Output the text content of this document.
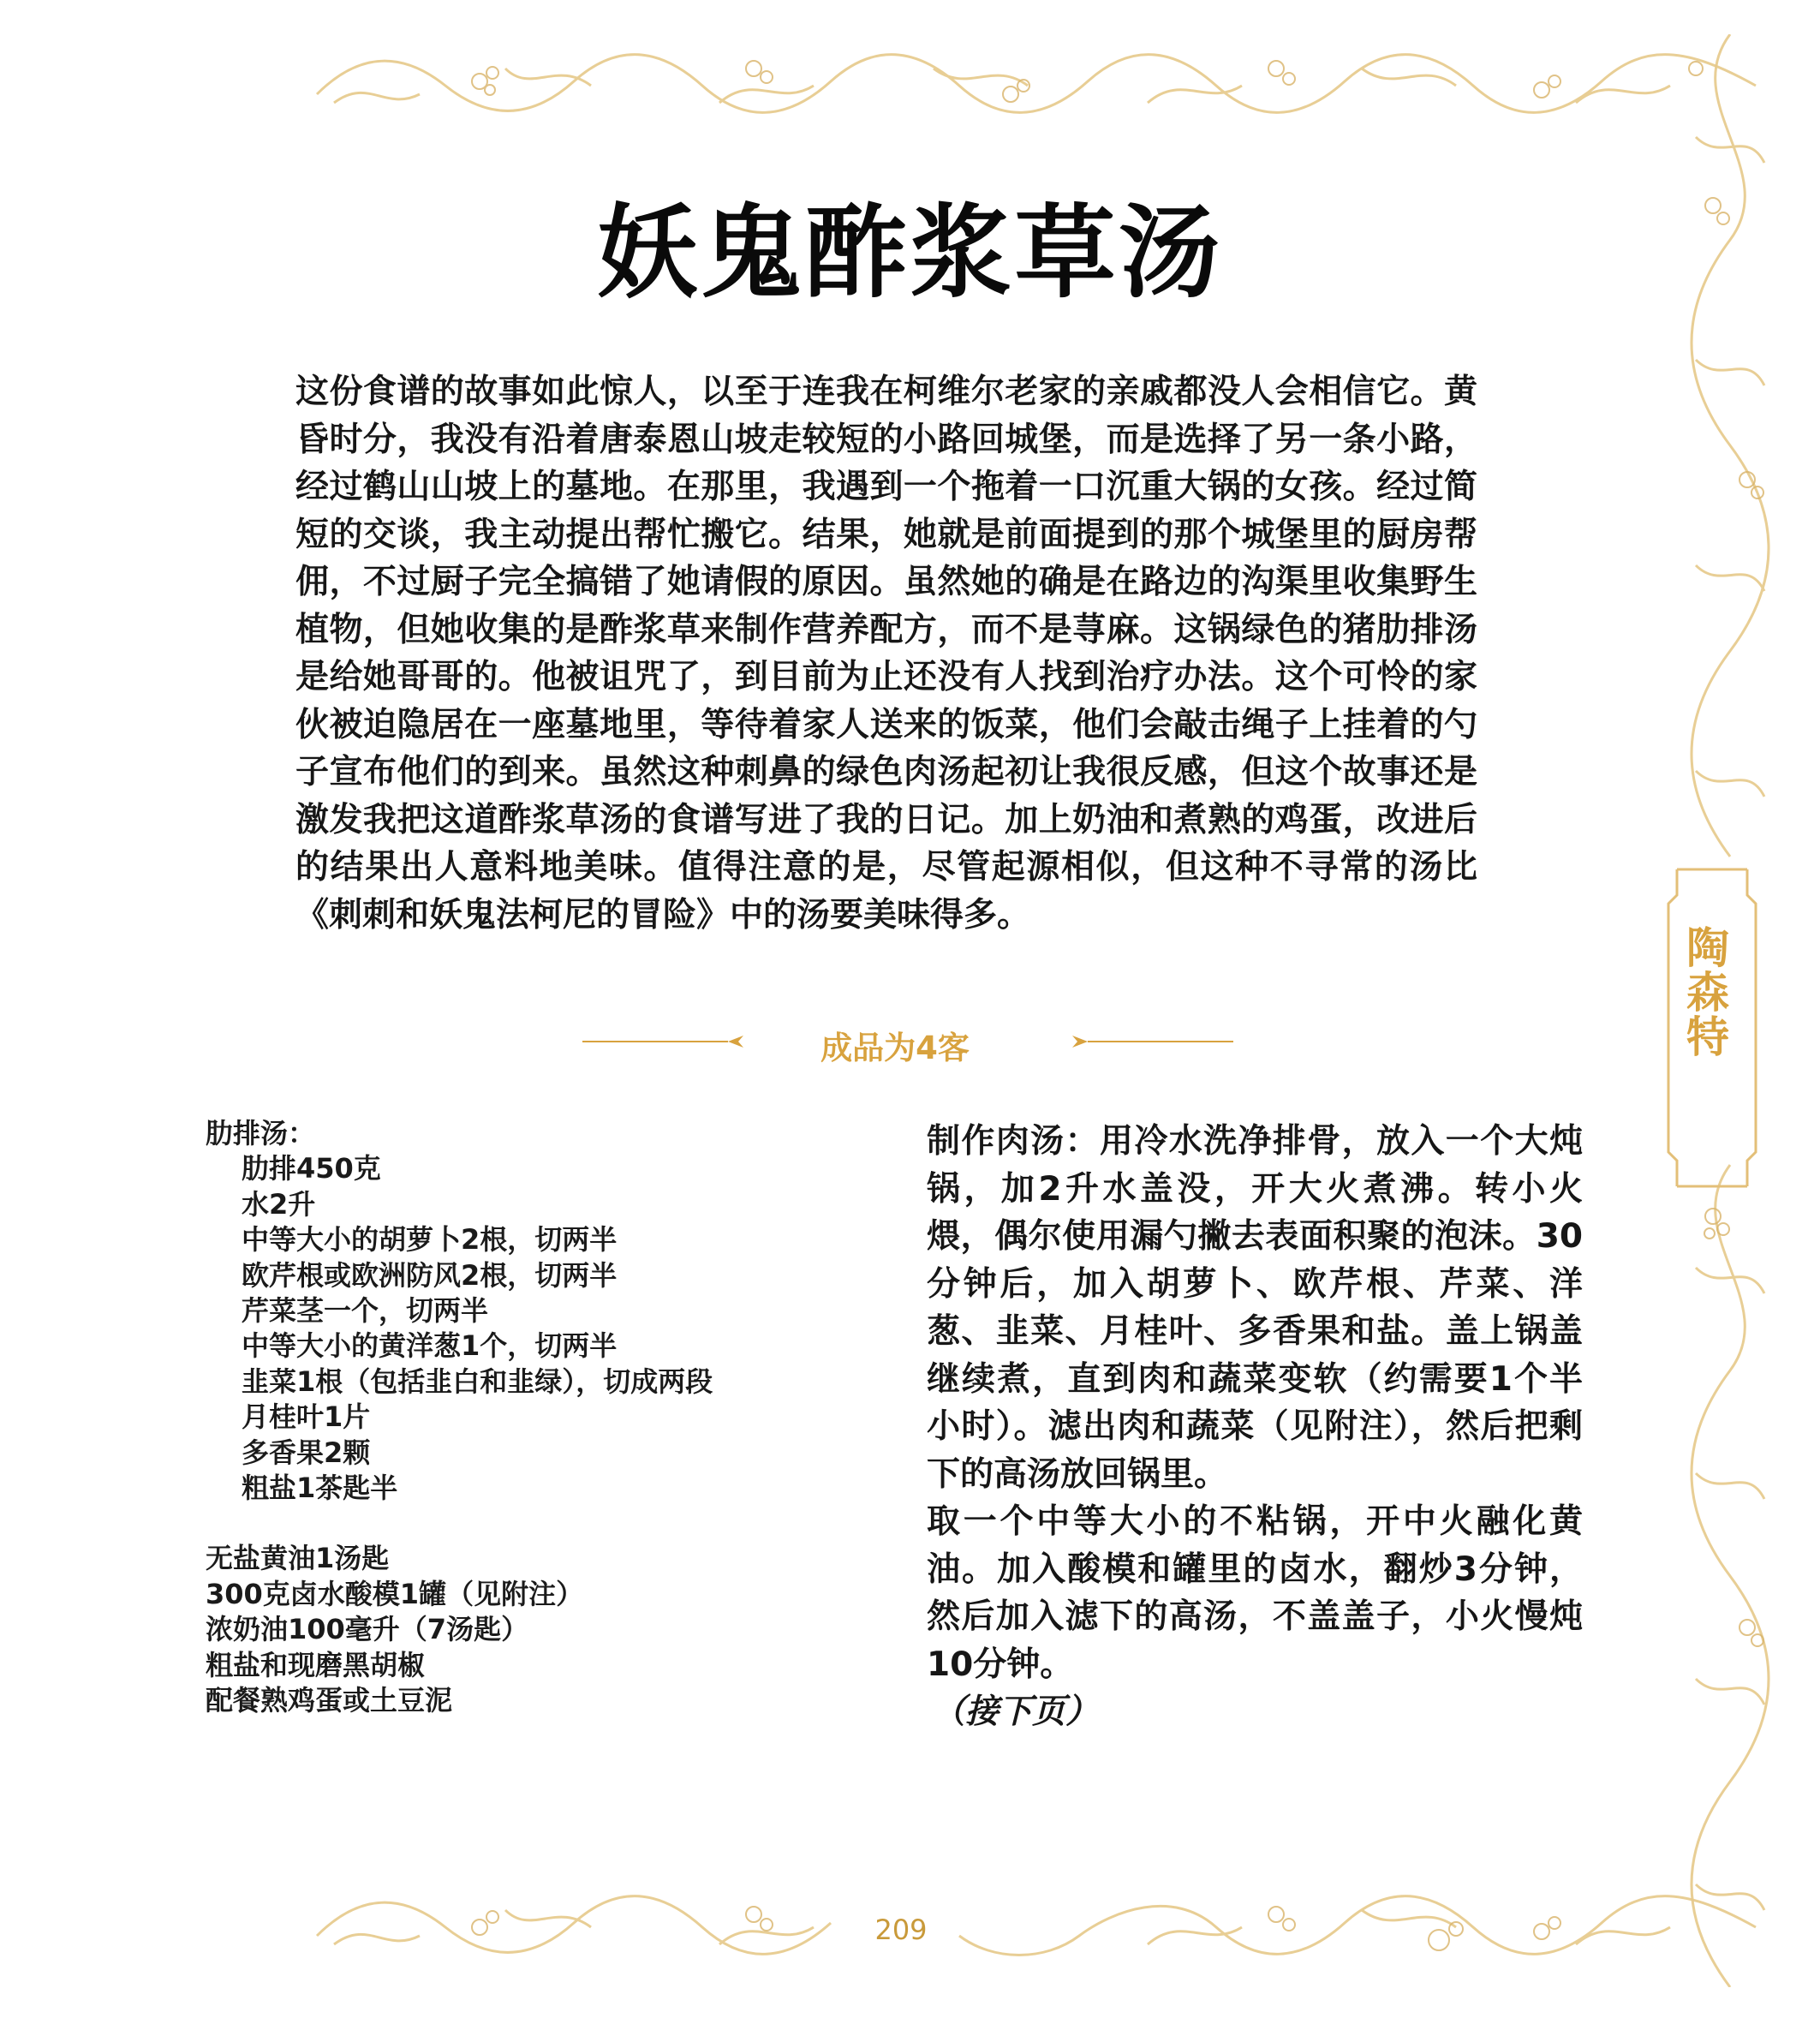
妖鬼酢浆草汤

这份食谱的故事如此惊人，以至于连我在柯维尔老家的亲戚都没人会相信它。黄昏时分，我没有沿着唐泰恩山坡走较短的小路回城堡，而是选择了另一条小路，经过鹤山山坡上的墓地。在那里，我遇到一个拖着一口沉重大锅的女孩。经过简短的交谈，我主动提出帮忙搬它。结果，她就是前面提到的那个城堡里的厨房帮佣，不过厨子完全搞错了她请假的原因。虽然她的确是在路边的沟渠里收集野生植物，但她收集的是酢浆草来制作营养配方，而不是荨麻。这锅绿色的猪肋排汤是给她哥哥的。他被诅咒了，到目前为止还没有人找到治疗办法。这个可怜的家伙被迫隐居在一座墓地里，等待着家人送来的饭菜，他们会敲击绳子上挂着的勺子宣布他们的到来。虽然这种刺鼻的绿色肉汤起初让我很反感，但这个故事还是激发我把这道酢浆草汤的食谱写进了我的日记。加上奶油和煮熟的鸡蛋，改进后的结果出人意料地美味。值得注意的是，尽管起源相似，但这种不寻常的汤比《刺刺和妖鬼法柯尼的冒险》中的汤要美味得多。

成品为4客

肋排汤：

肋排450克
水2升
中等大小的胡萝卜2根，切两半
欧芹根或欧洲防风2根，切两半
芹菜茎一个，切两半
中等大小的黄洋葱1个，切两半
韭菜1根（包括韭白和韭绿），切成两段
月桂叶1片
多香果2颗
粗盐1茶匙半
无盐黄油1汤匙
300克卤水酸模1罐（见附注）
浓奶油100毫升（7汤匙）
粗盐和现磨黑胡椒
配餐熟鸡蛋或土豆泥

制作肉汤：用冷水洗净排骨，放入一个大炖锅，加2升水盖没，开大火煮沸。转小火煨，偶尔使用漏勺撇去表面积聚的泡沫。30分钟后，加入胡萝卜、欧芹根、芹菜、洋葱、韭菜、月桂叶、多香果和盐。盖上锅盖继续煮，直到肉和蔬菜变软（约需要1个半小时）。滤出肉和蔬菜（见附注），然后把剩下的高汤放回锅里。

取一个中等大小的不粘锅，开中火融化黄油。加入酸模和罐里的卤水，翻炒3分钟，然后加入滤下的高汤，不盖盖子，小火慢炖10分钟。

（接下页）

陶森特
209
